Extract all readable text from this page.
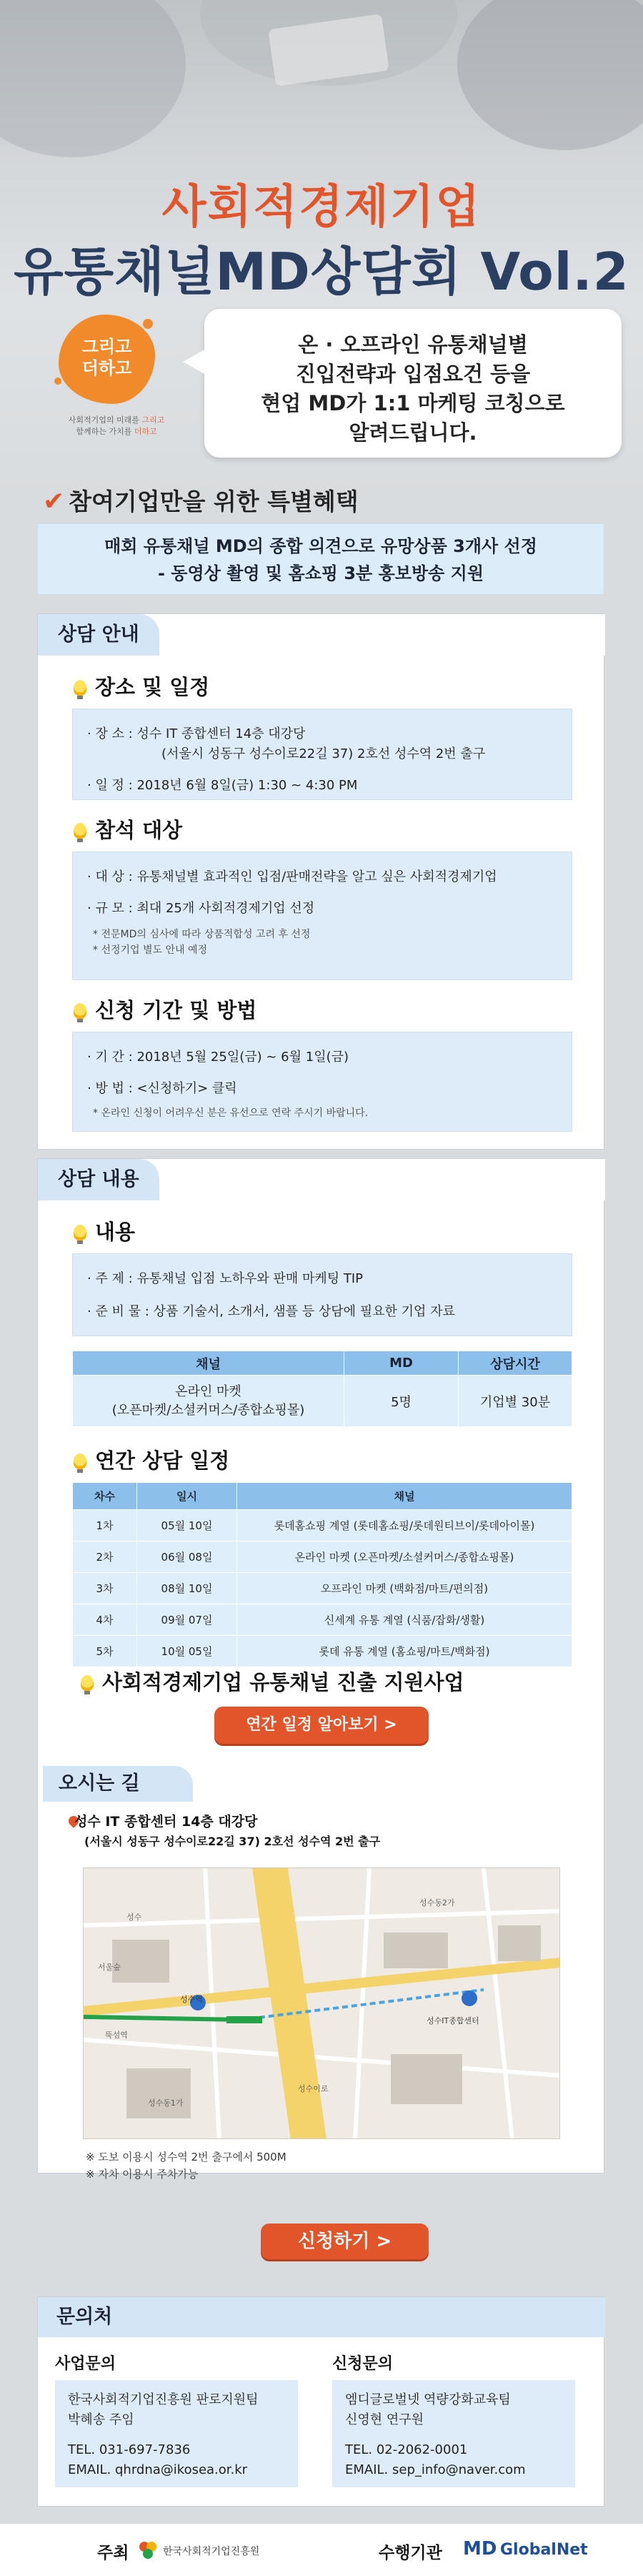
사회적경제기업
유통채널MD상담회 Vol.2
그리고
더하고
사회적기업의 미래를 그리고
함께하는 가치를 더하고
온 · 오프라인 유통채널별
진입전략과 입점요건 등을
현업 MD가 1:1 마케팅 코칭으로
알려드립니다.
✔ 참여기업만을 위한 특별혜택
매회 유통채널 MD의 종합 의견으로 유망상품 3개사 선정
- 동영상 촬영 및 홈쇼핑 3분 홍보방송 지원
상담 안내
장소 및 일정
· 장 소 : 성수 IT 종합센터 14층 대강당
(서울시 성동구 성수이로22길 37) 2호선 성수역 2번 출구
· 일 정 : 2018년 6월 8일(금) 1:30 ~ 4:30 PM
참석 대상
· 대 상 : 유통채널별 효과적인 입점/판매전략을 알고 싶은 사회적경제기업
· 규 모 : 최대 25개 사회적경제기업 선정
* 전문MD의 심사에 따라 상품적합성 고려 후 선정
* 선정기업 별도 안내 예정
신청 기간 및 방법
· 기 간 : 2018년 5월 25일(금) ~ 6월 1일(금)
· 방 법 : <신청하기> 클릭
* 온라인 신청이 어려우신 분은 유선으로 연락 주시기 바랍니다.
상담 내용
내용
· 주 제 : 유통채널 입점 노하우와 판매 마케팅 TIP
· 준 비 물 : 상품 기술서, 소개서, 샘플 등 상담에 필요한 기업 자료
채널	MD	상담시간

온라인 마켓
(오픈마켓/소셜커머스/종합쇼핑몰)	5명	기업별 30분
연간 상담 일정
차수	일시	채널
1차	05월 10일	롯데홈쇼핑 계열 (롯데홈쇼핑/롯데원티브이/롯데아이몰)
2차	06월 08일	온라인 마켓 (오픈마켓/소셜커머스/종합쇼핑몰)
3차	08월 10일	오프라인 마켓 (백화점/마트/편의점)
4차	09월 07일	신세계 유통 계열 (식품/잡화/생활)
5차	10월 05일	롯데 유통 계열 (홈쇼핑/마트/백화점)
사회적경제기업 유통채널 진출 지원사업
연간 일정 알아보기 >
오시는 길
성수 IT 종합센터 14층 대강당
(서울시 성동구 성수이로22길 37) 2호선 성수역 2번 출구
성수역
성수
성수IT종합센터
뚝섬역
성수동2가
성수동1가
서울숲
성수이로
※ 도보 이용시 성수역 2번 출구에서 500M
※ 자차 이용시 주차가능
신청하기 >
문의처
사업문의
한국사회적기업진흥원 판로지원팀
박혜송 주임
TEL. 031-697-7836
EMAIL. qhrdna@ikosea.or.kr
신청문의
엠디글로벌넷 역량강화교육팀
신영현 연구원
TEL. 02-2062-0001
EMAIL. sep_info@naver.com
주최	한국사회적기업진흥원	수행기관 MD GlobalNet
